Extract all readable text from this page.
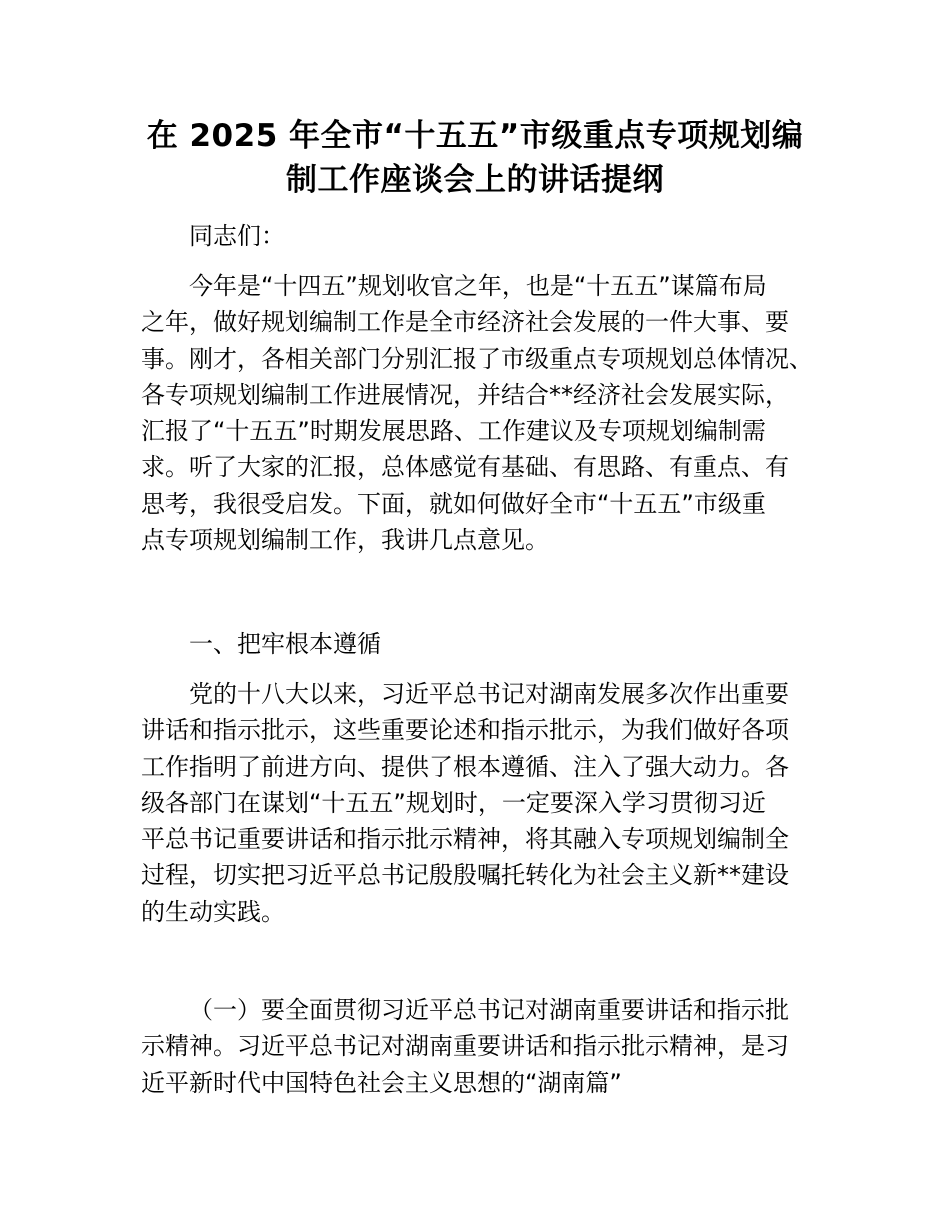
在 2025 年全市“十五五”市级重点专项规划编
制工作座谈会上的讲话提纲
同志们：
今年是“十四五”规划收官之年，也是“十五五”谋篇布局
之年，做好规划编制工作是全市经济社会发展的一件大事、要
事。刚才，各相关部门分别汇报了市级重点专项规划总体情况、
各专项规划编制工作进展情况，并结合**经济社会发展实际，
汇报了“十五五”时期发展思路、工作建议及专项规划编制需
求。听了大家的汇报，总体感觉有基础、有思路、有重点、有
思考，我很受启发。下面，就如何做好全市“十五五”市级重
点专项规划编制工作，我讲几点意见。
一、把牢根本遵循
党的十八大以来，习近平总书记对湖南发展多次作出重要
讲话和指示批示，这些重要论述和指示批示，为我们做好各项
工作指明了前进方向、提供了根本遵循、注入了强大动力。各
级各部门在谋划“十五五”规划时，一定要深入学习贯彻习近
平总书记重要讲话和指示批示精神，将其融入专项规划编制全
过程，切实把习近平总书记殷殷嘱托转化为社会主义新**建设
的生动实践。
（一）要全面贯彻习近平总书记对湖南重要讲话和指示批
示精神。习近平总书记对湖南重要讲话和指示批示精神，是习
近平新时代中国特色社会主义思想的“湖南篇”
